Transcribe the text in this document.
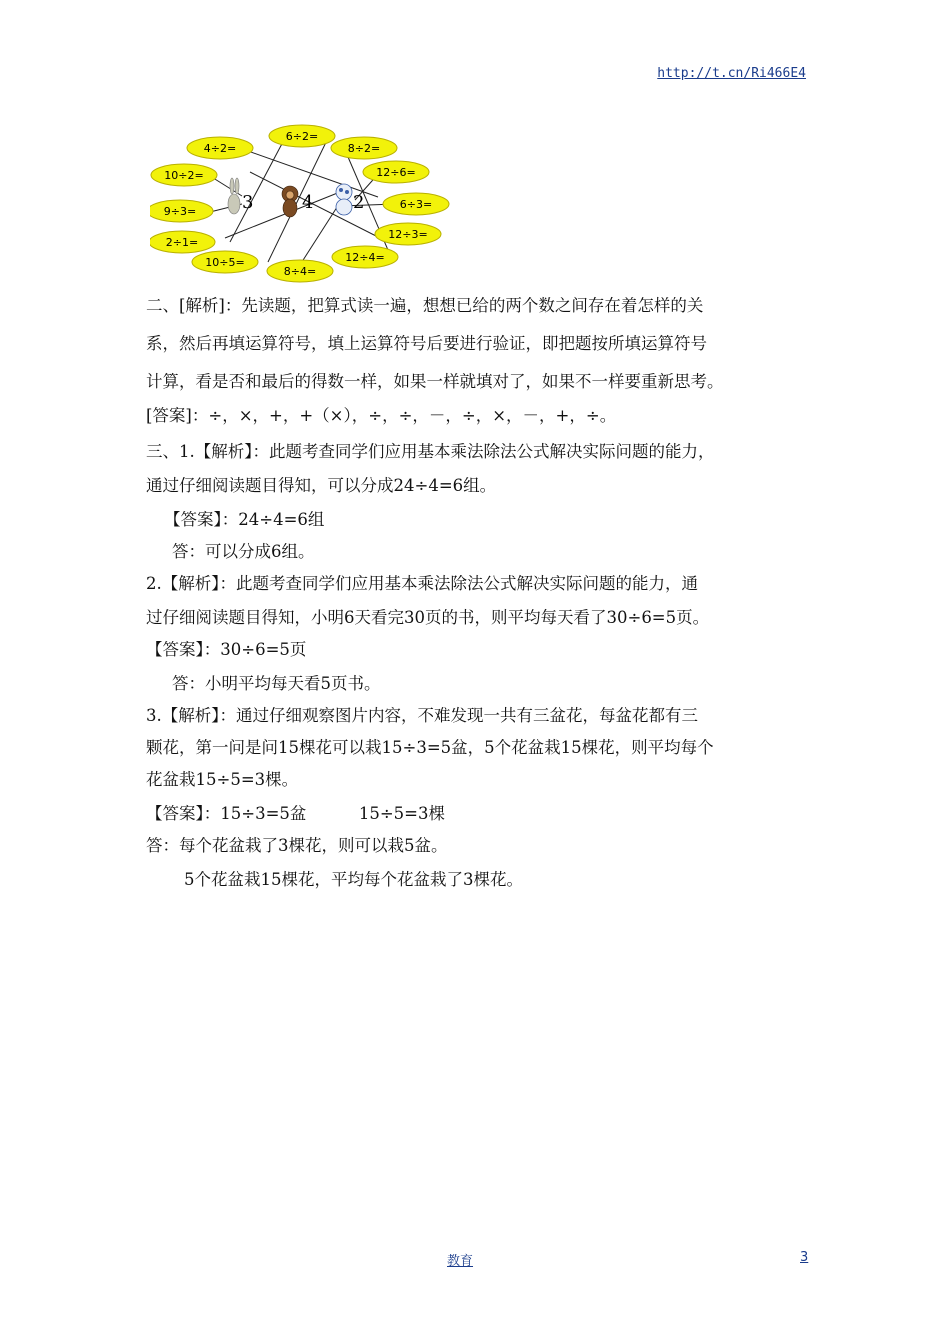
http://t.cn/Ri466E4
6÷2=
4÷2=	8÷2=
10÷2=	12÷6=
9÷3=
6÷3=
2÷1=
12÷3=
10÷5=	12÷4=
8÷4=
3	4 2
二、[解析]：先读题，把算式读一遍，想想已给的两个数之间存在着怎样的关
系，然后再填运算符号，填上运算符号后要进行验证，即把题按所填运算符号
计算，看是否和最后的得数一样，如果一样就填对了，如果不一样要重新思考。
[答案]：÷，×，+，+（×），÷，÷，－，÷，×，－，+，÷。
三、1.【解析】：此题考查同学们应用基本乘法除法公式解决实际问题的能力，
通过仔细阅读题目得知，可以分成24÷4=6组。
【答案】：24÷4=6组
答：可以分成6组。
2.【解析】：此题考查同学们应用基本乘法除法公式解决实际问题的能力，通
过仔细阅读题目得知，小明6天看完30页的书，则平均每天看了30÷6=5页。
【答案】：30÷6=5页
答：小明平均每天看5页书。
3.【解析】：通过仔细观察图片内容，不难发现一共有三盆花，每盆花都有三
颗花，第一问是问15棵花可以栽15÷3=5盆，5个花盆栽15棵花，则平均每个
花盆栽15÷5=3棵。
【答案】：15÷3=5盆          15÷5=3棵
答：每个花盆栽了3棵花，则可以栽5盆。
5个花盆栽15棵花，平均每个花盆栽了3棵花。
教育	3
